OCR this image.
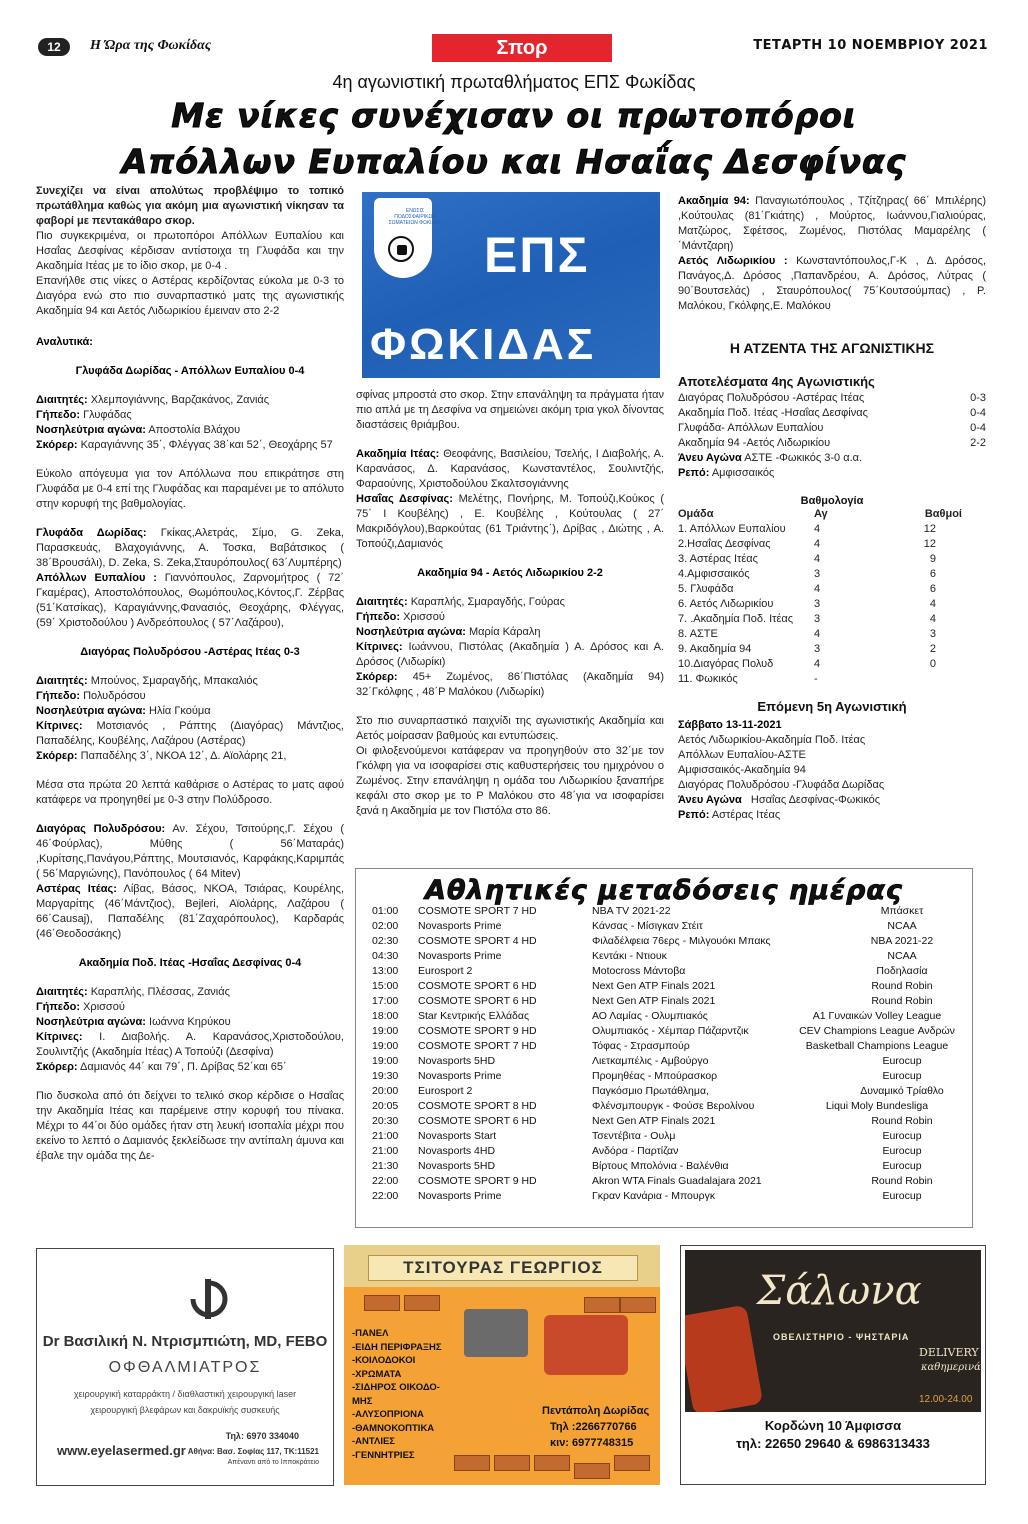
12	Η Ώρα της Φωκίδας	Σπορ	ΤΕΤΑΡΤΗ 10 ΝΟΕΜΒΡΙΟΥ 2021
4η αγωνιστική πρωταθλήματος ΕΠΣ Φωκίδας
Με νίκες συνέχισαν οι πρωτοπόροι
Απόλλων Ευπαλίου και Ησαΐας Δεσφίνας

Συνεχίζει να είναι απολύτως προβλέψιμο το τοπικό πρωτάθλημα καθώς για ακόμη μια αγωνιστική νίκησαν τα φαβορί με πεντακάθαρο σκορ.
Πιο συγκεκριμένα, οι πρωτοπόροι Απόλλων Ευπαλίου και Ησαΐας Δεσφίνας κέρδισαν αντίστοιχα τη Γλυφάδα και την Ακαδημία Ιτέας με το ίδιο σκορ, με 0-4 .
Επανήλθε στις νίκες ο Αστέρας κερδίζοντας εύκολα με 0-3 το Διαγόρα ενώ στο πιο συναρπαστικό ματς της αγωνιστικής Ακαδημία 94 και Αετός Λιδωρικίου έμειναν στο 2-2

Αναλυτικά:

Γλυφάδα Δωρίδας - Απόλλων Ευπαλίου 0-4

Διαιτητές: Χλεμπογιάννης, Βαρζακάνος, Ζανιάς
Γήπεδο: Γλυφάδας
Νοσηλεύτρια αγώνα: Αποστολία Βλάχου
Σκόρερ: Καραγιάννης 35΄, Φλέγγας 38΄και 52΄, Θεοχάρης 57

Εύκολο απόγευμα για τον Απόλλωνα που επικράτησε στη Γλυφάδα με 0-4 επί της Γλυφάδας και παραμένει με το απόλυτο στην κορυφή της βαθμολογίας.

Γλυφάδα Δωρίδας: Γκίκας,Αλετράς, Σίμο, G. Zeka, Παρασκευάς, Βλαχογιάννης, Α. Τοσκα, Βαβάτσικος ( 38΄Βρουσάλι), D. Zeka, S. Zeka,Σταυρόπουλος( 63΄Λυμπέρης)
Απόλλων Ευπαλίου : Γιαννόπουλος, Ζαρνομήτρος ( 72΄ Γκαμέρας), Αποστολόπουλος, Θωμόπουλος,Κόντος,Γ. Ζέρβας (51΄Κατσίκας), Καραγιάννης,Φανασιός, Θεοχάρης, Φλέγγας,(59΄ Χριστοδούλου ) Ανδρεόπουλος ( 57΄Λαζάρου),

Διαγόρας Πολυδρόσου -Αστέρας Ιτέας 0-3

Διαιτητές: Μπούνος, Σμαραγδής, Μπακαλιός
Γήπεδο: Πολυδρόσου
Νοσηλεύτρια αγώνα: Ηλία Γκούμα
Κίτρινες: Μοτσιανός , Ράπτης (Διαγόρας) Μάντζιος, Παπαδέλης, Κουβέλης, Λαζάρου (Αστέρας)
Σκόρερ: Παπαδέλης 3΄, ΝΚΟΑ 12΄, Δ. Αϊολάρης 21,

Μέσα στα πρώτα 20 λεπτά καθάρισε ο Αστέρας το ματς αφού κατάφερε να προηγηθεί με 0-3 στην Πολύδροσο.

Διαγόρας Πολυδρόσου: Αν. Σέχου, Τσιτούρης,Γ. Σέχου ( 46΄Φούρλας), Μύθης ( 56΄Ματαράς) ,Κυρίτσης,Πανάγου,Ράπτης, Μουτσιανός, Καρφάκης,Καριμπάς ( 56΄Μαργιώνης), Πανόπουλος ( 64 Mitev)
Αστέρας Ιτέας: Λίβας, Βάσος, ΝΚΟΑ, Τσιάρας, Κουρέλης, Μαργαρίτης (46΄Μάντζιος), Bejleri, Αϊολάρης, Λαζάρου ( 66΄Causaj), Παπαδέλης (81΄Ζαχαρόπουλος), Καρδαράς (46΄Θεοδοσάκης)

Ακαδημία Ποδ. Ιτέας -Ησαΐας Δεσφίνας 0-4

Διαιτητές: Καραπλής, Πλέσσας, Ζανιάς
Γήπεδο: Χρισσού
Νοσηλεύτρια αγώνα: Ιωάννα Κηρύκου
Κίτρινες: Ι. Διαβολής. Α. Καρανάσος,Χριστοδούλου, Σουλιντζής (Ακαδημία Ιτέας) Α Τοπούζι (Δεσφίνα)
Σκόρερ: Δαμιανός 44΄ και 79΄, Π. Δρίβας 52΄και 65΄

Πιο δυσκολα από ότι δείχνει το τελικό σκορ κέρδισε ο Ησαΐας την Ακαδημία Ιτέας και παρέμεινε στην κορυφή του πίνακα. Μέχρι το 44΄οι δύο ομάδες ήταν στη λευκή ισοπαλία μέχρι που εκείνο το λεπτό ο Δαμιανός ξεκλείδωσε την αντίπαλη άμυνα και έβαλε την ομάδα της Δε-

ΕΝΩΣΙΣ ΠΟΔΟΣΦΑΙΡΙΚΩΝ ΣΩΜΑΤΕΙΩΝ ΦΩΚΙΔΑΣ
ΕΠΣ
ΦΩΚΙΔΑΣ

σφίνας μπροστά στο σκορ. Στην επανάληψη τα πράγματα ήταν πιο απλά με τη Δεσφίνα να σημειώνει ακόμη τρια γκολ δίνοντας διαστάσεις θριάμβου.

Ακαδημία Ιτέας: Θεοφάνης, Βασιλείου, Τσελής, Ι Διαβολής, Α. Καρανάσος, Δ. Καρανάσος, Κωνσταντέλος, Σουλιντζής, Φαραούνης, Χριστοδούλου Σκαλτσογιάννης
Ησαΐας Δεσφίνας: Μελέτης, Πονήρης, Μ. Τοπούζι,Κούκος ( 75΄ Ι Κουβέλης) , Ε. Κουβέλης , Κούτουλας ( 27΄ Μακριδόγλου),Βαρκούτας (61 Τριάντης΄), Δρίβας , Διώτης , Α. Τοπούζι,Δαμιανός

Ακαδημία 94 - Αετός Λιδωρικίου 2-2

Διαιτητές: Καραπλής, Σμαραγδής, Γούρας
Γήπεδο: Χρισσού
Νοσηλεύτρια αγώνα: Μαρία Κάραλη
Κίτρινες: Ιωάννου, Πιστόλας (Ακαδημία ) Α. Δρόσος και Α. Δρόσος (Λιδωρίκι)
Σκόρερ: 45+ Ζωμένος, 86΄Πιστόλας (Ακαδημία 94) 32΄Γκόλφης , 48΄Ρ Μαλόκου (Λιδωρίκι)

Στο πιο συναρπαστικό παιχνίδι της αγωνιστικής Ακαδημία και Αετός μοίρασαν βαθμούς και εντυπώσεις.
Οι φιλοξενούμενοι κατάφεραν να προηγηθούν στο 32΄με τον Γκόλφη για να ισοφαρίσει στις καθυστερήσεις του ημιχρόνου ο Ζωμένος. Στην επανάληψη η ομάδα του Λιδωρικίου ξαναπήρε κεφάλι στο σκορ με το Ρ Μαλόκου στο 48΄για να ισοφαρίσει ξανά η Ακαδημία με τον Πιστόλα στο 86.

Ακαδημία 94: Παναγιωτόπουλος , Τζίτζηρας( 66΄ Μπιλέρης) ,Κούτουλας (81΄Γκιάτης) , Μούρτος, Ιωάννου,Γιαλιούρας, Ματζώρος, Σφέτσος, Ζωμένος, Πιστόλας Μαμαρέλης ( ΄Μάντζαρη)
Αετός Λιδωρικίου : Κωνσταντόπουλος,Γ-Κ , Δ. Δρόσος, Πανάγος,Δ. Δρόσος ,Παπανδρέου, Α. Δρόσος, Λύτρας ( 90΄Βουτσελάς) , Σταυρόπουλος( 75΄Κουτσούμπας) , Ρ. Μαλόκου, Γκόλφης,Ε. Μαλόκου

Η ΑΤΖΕΝΤΑ ΤΗΣ ΑΓΩΝΙΣΤΙΚΗΣ
Αποτελέσματα 4ης Αγωνιστικής
Διαγόρας Πολυδρόσου -Αστέρας Ιτέας	0-3
Ακαδημία Ποδ. Ιτέας -Ησαΐας Δεσφίνας	0-4
Γλυφάδα- Απόλλων Ευπαλίου	0-4
Ακαδημία 94 -Αετός Λιδωρικίου	2-2
Άνευ Αγώνα ΑΣΤΕ -Φωκικός 3-0 α.α.
Ρεπό: Αμφισσαικός
Βαθμολογία
Ομάδα	Αγ	Βαθμοί
1. Απόλλων Ευπαλίου	4	12
2.Ησαΐας Δεσφίνας	4	12
3. Αστέρας Ιτέας	4	9
4.Αμφισσαικός	3	6
5. Γλυφάδα	4	6
6. Αετός Λιδωρικίου	3	4
7. .Ακαδημία Ποδ. Ιτέας	3	4
8. ΑΣΤΕ	4	3
9. Ακαδημία 94	3	2
10.Διαγόρας Πολυδ	4	0
11. Φωκικός	-	
Επόμενη 5η Αγωνιστική
Σάββατο 13-11-2021
Αετός Λιδωρικίου-Ακαδημία Ποδ. Ιτέας
Απόλλων Ευπαλίου-ΑΣΤΕ
Αμφισσαικός-Ακαδημία 94
Διαγόρας Πολυδρόσου -Γλυφάδα Δωρίδας
Άνευ Αγώνα Ησαΐας Δεσφίνας-Φωκικός
Ρεπό: Αστέρας Ιτέας
Αθλητικές μεταδόσεις ημέρας
01:00 COSMOTE SPORT 7 HD	NBA TV 2021-22	Μπάσκετ
02:00 Novasports Prime	Κάνσας - Μίσιγκαν Στέιτ	NCAA
02:30 COSMOTE SPORT 4 HD	Φιλαδέλφεια 76ερς - Μιλγουόκι Μπακς	NBA 2021-22
04:30 Novasports Prime	Κεντάκι - Ντιουκ	NCAA
13:00 Eurosport 2	Motocross Μάντοβα	Ποδηλασία
15:00 COSMOTE SPORT 6 HD	Next Gen ATP Finals 2021	Round Robin
17:00 COSMOTE SPORT 6 HD	Next Gen ATP Finals 2021	Round Robin
18:00 Star Κεντρικής Ελλάδας	ΑΟ Λαμίας - Ολυμπιακός	Α1 Γυναικών Volley League
19:00 COSMOTE SPORT 9 HD	Ολυμπιακός - Χέμπαρ Πάζαρντζικ	CEV Champions League Ανδρών
19:00 COSMOTE SPORT 7 HD	Τόφας - Στρασμπούρ	Basketball Champions League
19:00 Novasports 5HD	Λιετκαμπέλις - Αμβούργο	Eurocup
19:30 Novasports Prime	Προμηθέας - Μπούρασκορ	Eurocup
20:00 Eurosport 2	Παγκόσμιο Πρωτάθλημα,	Δυναμικό Τρίαθλο
20:05 COSMOTE SPORT 8 HD	Φλένσμπουργκ - Φούσε Βερολίνου	Liqui Moly Bundesliga
20:30 COSMOTE SPORT 6 HD	Next Gen ATP Finals 2021	Round Robin
21:00 Novasports Start	Τσεντέβιτα - Ουλμ	Eurocup
21:00 Novasports 4HD	Ανδόρα - Παρτίζαν	Eurocup
21:30 Novasports 5HD	Βίρτους Μπολόνια - Βαλένθια	Eurocup
22:00 COSMOTE SPORT 9 HD	Akron WTA Finals Guadalajara 2021	Round Robin
22:00 Novasports Prime	Γκραν Κανάρια - Μπουργκ	Eurocup
Dr Βασιλική Ν. Ντρισμπιώτη, MD, FEBO
ΟΦΘΑΛΜΙΑΤΡΟΣ
χειρουργική καταρράκτη / διαθλαστική χειρουργική laser
χειρουργική βλεφάρων και δακρυϊκής συσκευής
Τηλ: 6970 334040
www.eyelasermed.gr Αθήνα: Βασ. Σοφίας 117, ΤΚ:11521
Απέναντι από το Ιπποκράτειο
ΤΣΙΤΟΥΡΑΣ ΓΕΩΡΓΙΟΣ
-ΠΑΝΕΛ
-ΕΙΔΗ ΠΕΡΙΦΡΑΞΗΣ
-ΚΟΙΛΟΔΟΚΟΙ
-ΧΡΩΜΑΤΑ
-ΣΙΔΗΡΟΣ ΟΙΚΟΔΟ-
ΜΗΣ
-ΑΛΥΣΟΠΡΙΟΝΑ
-ΘΑΜΝΟΚΟΠΤΙΚΑ
-ΑΝΤΛΙΕΣ
-ΓΕΝΝΗΤΡΙΕΣ
Πεντάπολη Δωρίδας
Τηλ :2266770766
κιν: 6977748315
Σάλωνα
ΟΒΕΛΙΣΤΗΡΙΟ - ΨΗΣΤΑΡΙΑ
DELIVERY
καθημερινά
12.00-24.00
Κορδώνη 10 Άμφισσα
τηλ: 22650 29640 & 6986313433
